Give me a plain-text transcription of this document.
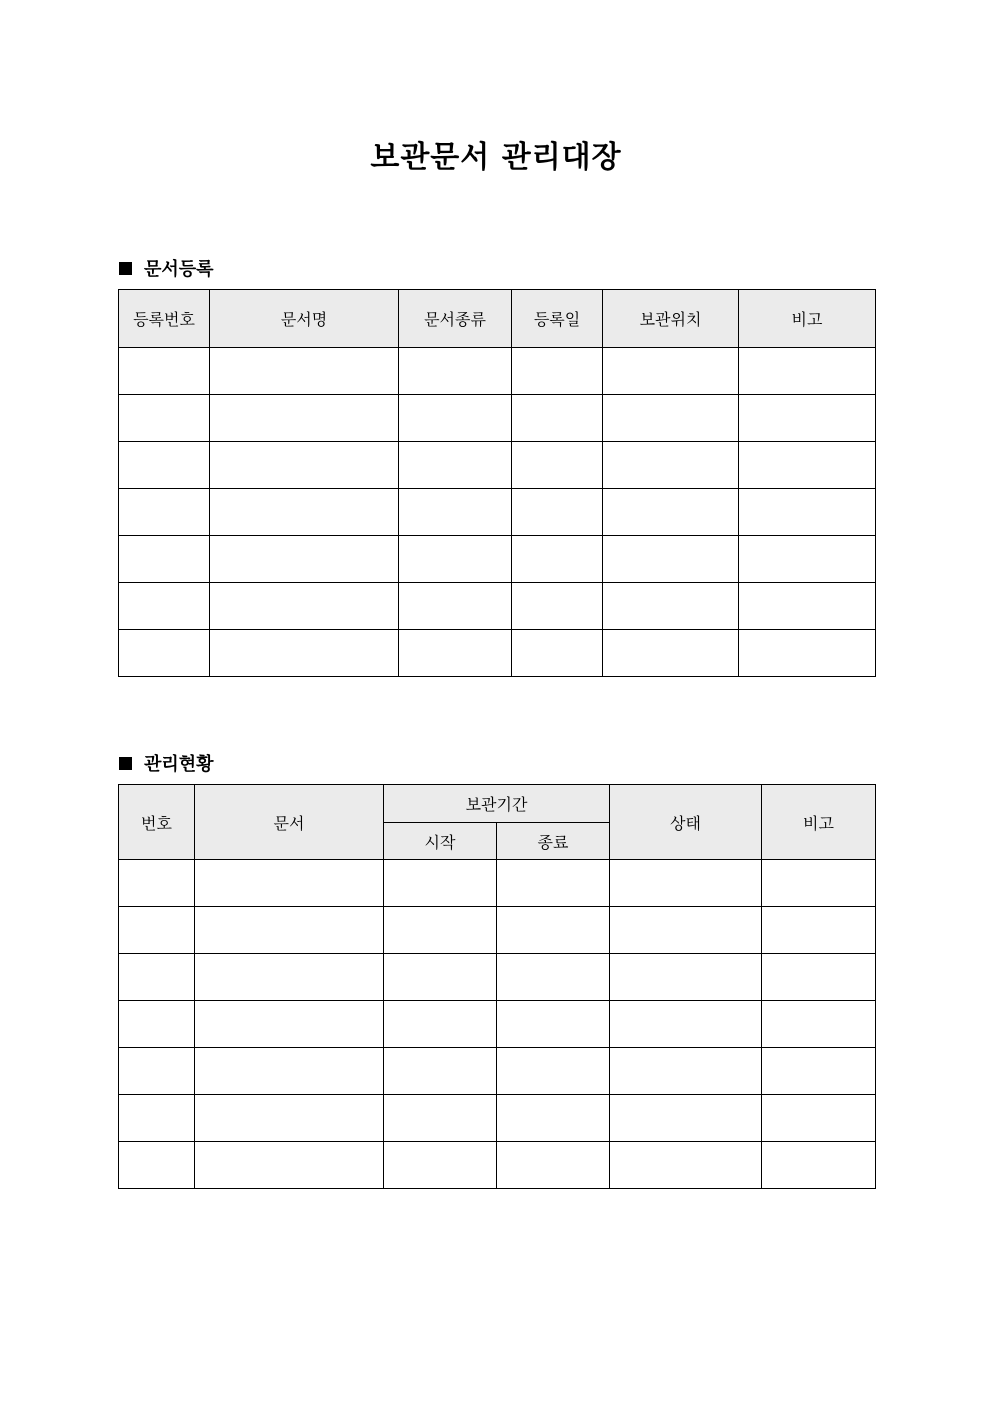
보관문서 관리대장
문서등록
등록번호	문서명	문서종류	등록일	보관위치	비고

관리현황
번호	문서	보관기간		상태	비고
		시작	종료		
